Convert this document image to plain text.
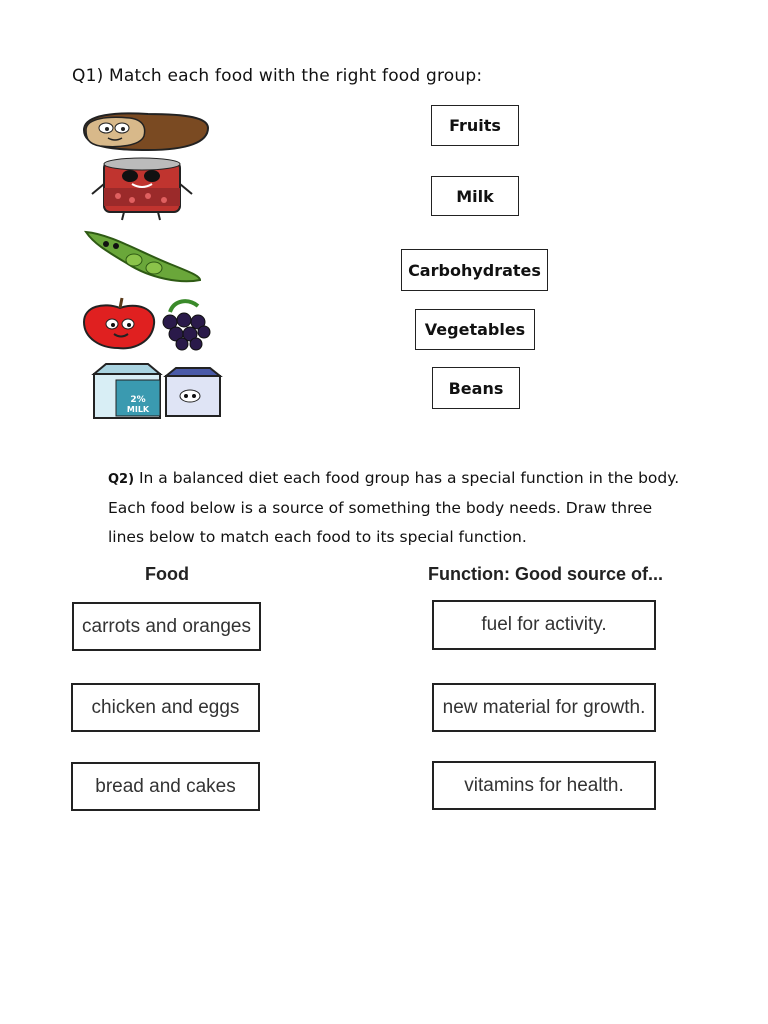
Q1) Match each food with the right food group:
2%
MILK
Fruits
Milk
Carbohydrates
Vegetables
Beans
Q2) In a balanced diet each food group has a special function in the body. Each food below is a source of something the body needs. Draw three lines below to match each food to its special function.
Food	Function: Good source of...
carrots and oranges
chicken and eggs
bread and cakes
fuel for activity.
new material for growth.
vitamins for health.
